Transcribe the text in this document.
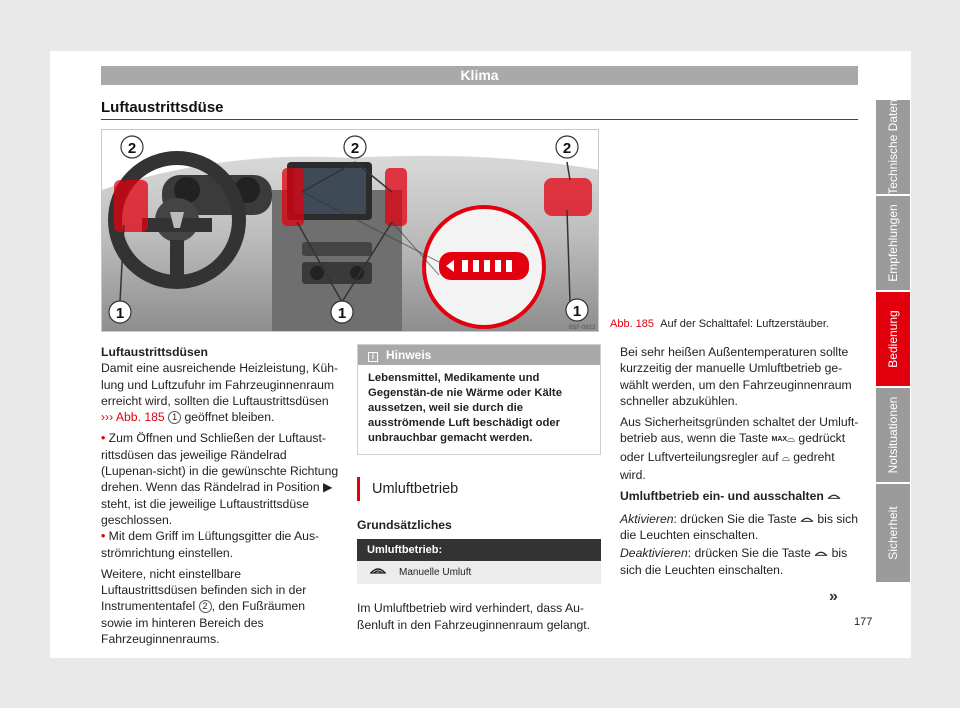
Klima
Luftaustrittsdüse	Technische Daten
Empfehlungen
Bedienung
Notsituationen
Sicherheit
2	2	2
1	1	1
B5F-0823 Abb. 185 Auf der Schalttafel: Luftzerstäuber.

Luftaustrittsdüsen

Damit eine ausreichende Heizleistung, Küh-lung und Luftzufuhr im Fahrzeuginnenraum erreicht wird, sollten die Luftaustrittsdüsen ››› Abb. 185 1 geöffnet bleiben.

• Zum Öffnen und Schließen der Luftaust-rittsdüsen das jeweilige Rändelrad (Lupenan-sicht) in die gewünschte Richtung drehen. Wenn das Rändelrad in Position ▶ steht, ist die jeweilige Luftaustrittsdüse geschlossen.

• Mit dem Griff im Lüftungsgitter die Aus-strömrichtung einstellen.

Weitere, nicht einstellbare Luftaustrittsdüsen befinden sich in der Instrumententafel 2 , den Fußräumen sowie im hinteren Bereich des Fahrzeuginnenraums.

i Hinweis
Lebensmittel, Medikamente und Gegenstän-de nie Wärme oder Kälte aussetzen, weil sie durch die ausströmende Luft beschädigt oder unbrauchbar gemacht werden.
Umluftbetrieb

Grundsätzliches

Umluftbetrieb:
Manuelle Umluft

Im Umluftbetrieb wird verhindert, dass Au-ßenluft in den Fahrzeuginnenraum gelangt.

Bei sehr heißen Außentemperaturen sollte kurzzeitig der manuelle Umluftbetrieb ge-wählt werden, um den Fahrzeuginnenraum schneller abzukühlen.

Aus Sicherheitsgründen schaltet der Umluft-betrieb aus, wenn die Taste MAX⌓ gedrückt oder Luftverteilungsregler auf ⌓ gedreht wird.

Umluftbetrieb ein- und ausschalten

Aktivieren: drücken Sie die Taste bis sich die Leuchten einschalten.

Deaktivieren: drücken Sie die Taste bis sich die Leuchten einschalten.

»
177
